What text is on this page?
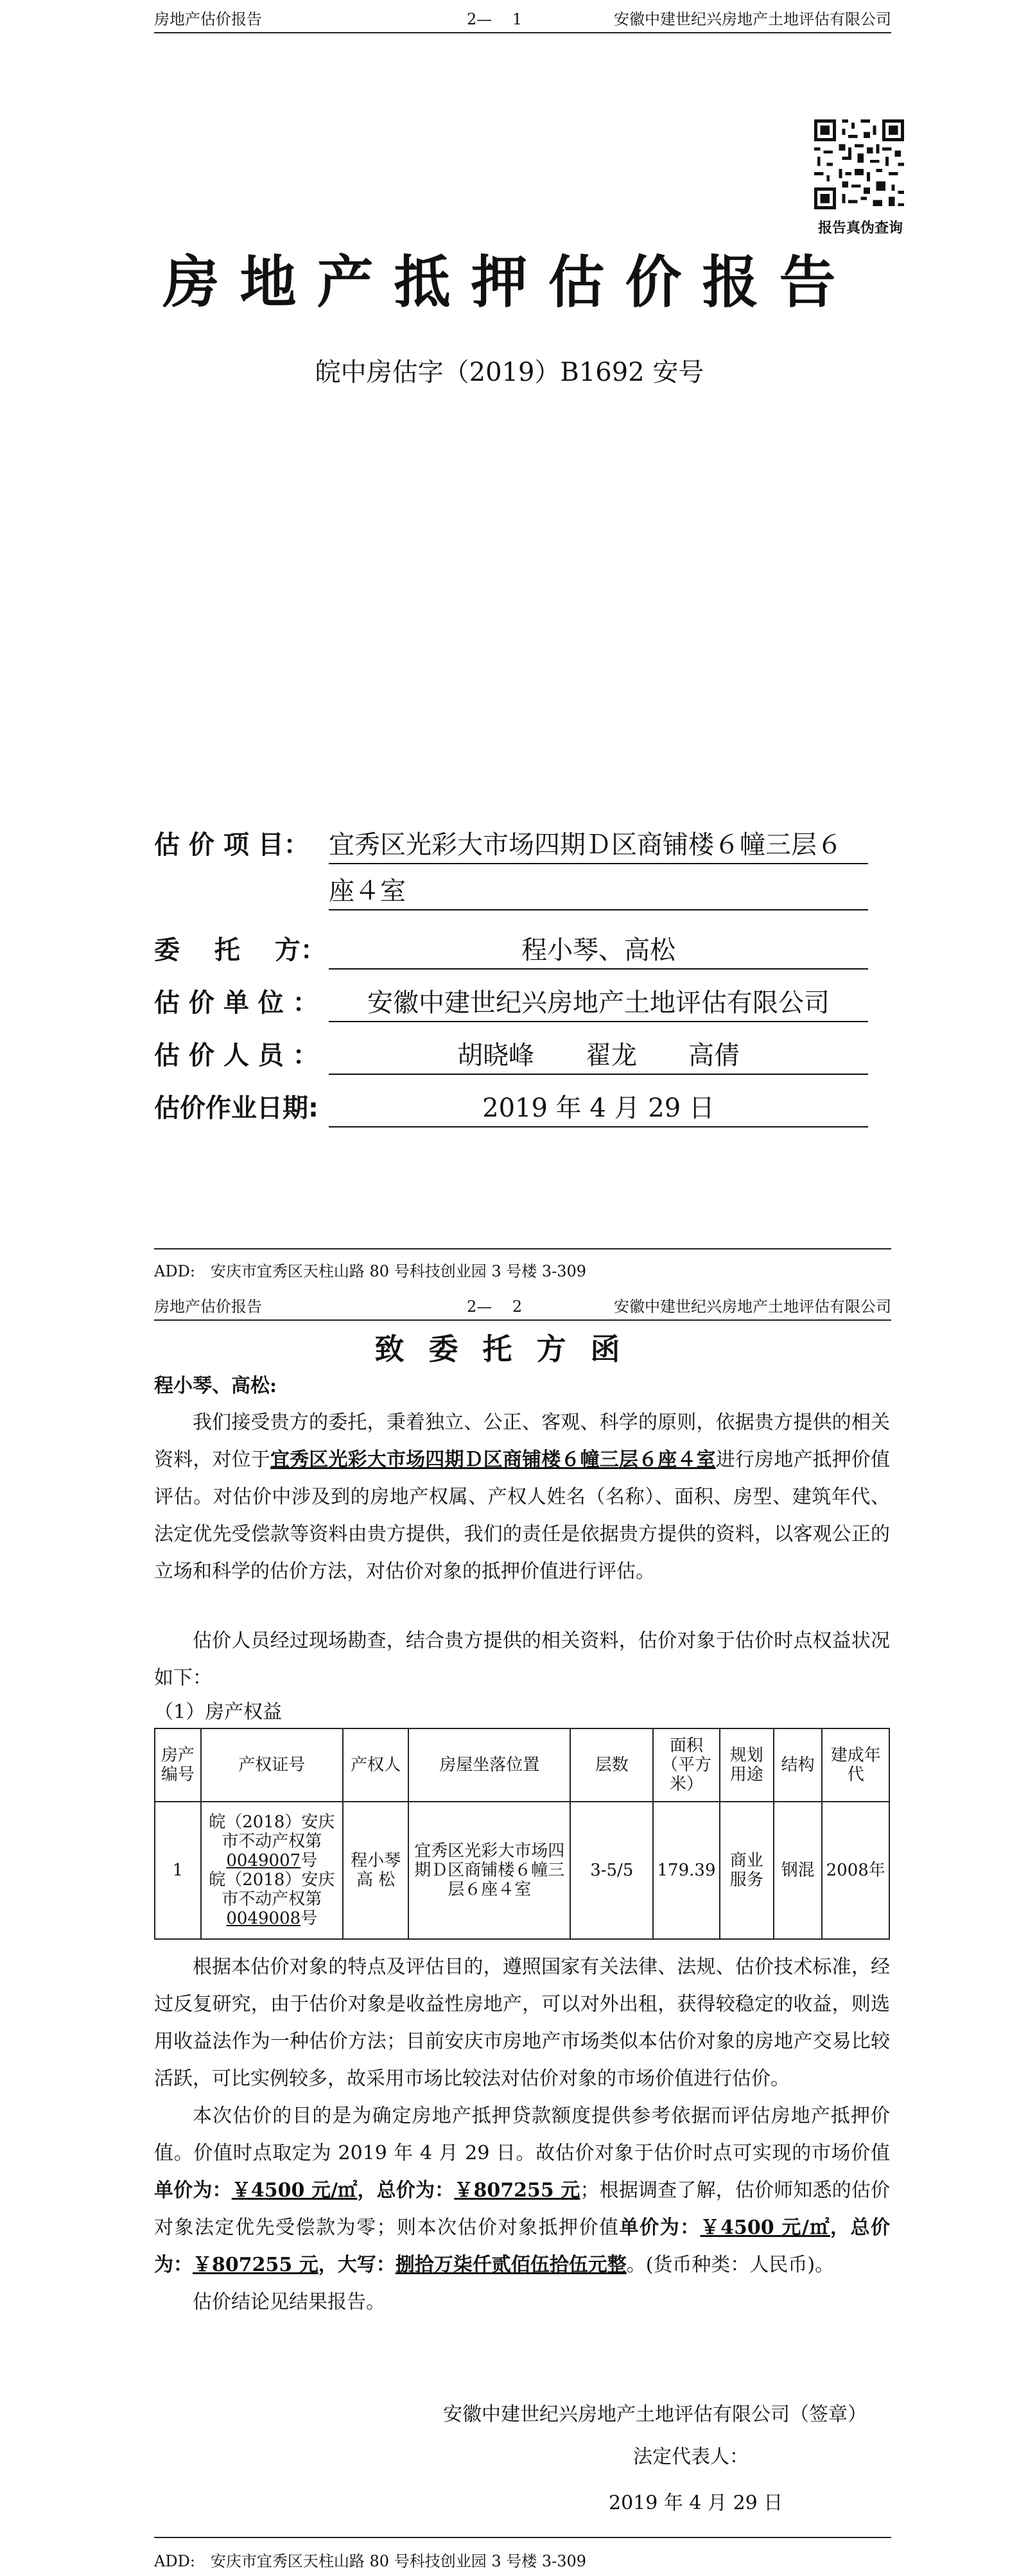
房地产估价报告	2—　 1	安徽中建世纪兴房地产土地评估有限公司
报告真伪查询
房地产抵押估价报告
皖中房估字（2019）B1692 安号
估 价 项 目： 宜秀区光彩大市场四期Ｄ区商铺楼６幢三层６
座４室
委　 托　 方：	程小琴、高松
估 价 单 位 ：	安徽中建世纪兴房地产土地评估有限公司
估 价 人 员 ：	胡晓峰　　翟龙　　高倩
估价作业日期:	2019 年 4 月 29 日
ADD:　安庆市宜秀区天柱山路 80 号科技创业园 3 号楼 3-309
房地产估价报告	2—　 2	安徽中建世纪兴房地产土地评估有限公司
致委托方函
程小琴、高松:
我们接受贵方的委托，秉着独立、公正、客观、科学的原则，依据贵方提供的相关资料，对位于宜秀区光彩大市场四期Ｄ区商铺楼６幢三层６座４室进行房地产抵押价值评估。对估价中涉及到的房地产权属、产权人姓名（名称）、面积、房型、建筑年代、法定优先受偿款等资料由贵方提供，我们的责任是依据贵方提供的资料，以客观公正的立场和科学的估价方法，对估价对象的抵押价值进行评估。
估价人员经过现场勘查，结合贵方提供的相关资料，估价对象于估价时点权益状况如下：
（1）房产权益
房产编号	产权证号	产权人	房屋坐落位置	层数	面积（平方米）	规划用途	结构	建成年代
1	皖（2018）安庆市不动产权第0049007号
皖（2018）安庆市不动产权第0049008号	程小琴 高 松	宜秀区光彩大市场四期Ｄ区商铺楼６幢三层６座４室	3-5/5	179.39	商业服务	钢混	2008年
根据本估价对象的特点及评估目的，遵照国家有关法律、法规、估价技术标准，经过反复研究，由于估价对象是收益性房地产，可以对外出租，获得较稳定的收益，则选用收益法作为一种估价方法；目前安庆市房地产市场类似本估价对象的房地产交易比较活跃，可比实例较多，故采用市场比较法对估价对象的市场价值进行估价。
本次估价的目的是为确定房地产抵押贷款额度提供参考依据而评估房地产抵押价值。价值时点取定为 2019 年 4 月 29 日。故估价对象于估价时点可实现的市场价值单价为：￥4500 元/㎡，总价为：￥807255 元；根据调查了解，估价师知悉的估价对象法定优先受偿款为零；则本次估价对象抵押价值单价为：￥4500 元/㎡，总价为：￥807255 元，大写：捌拾万柒仟贰佰伍拾伍元整。(货币种类：人民币)。
估价结论见结果报告。
安徽中建世纪兴房地产土地评估有限公司（签章）
法定代表人：
2019 年 4 月 29 日
ADD:　安庆市宜秀区天柱山路 80 号科技创业园 3 号楼 3-309
